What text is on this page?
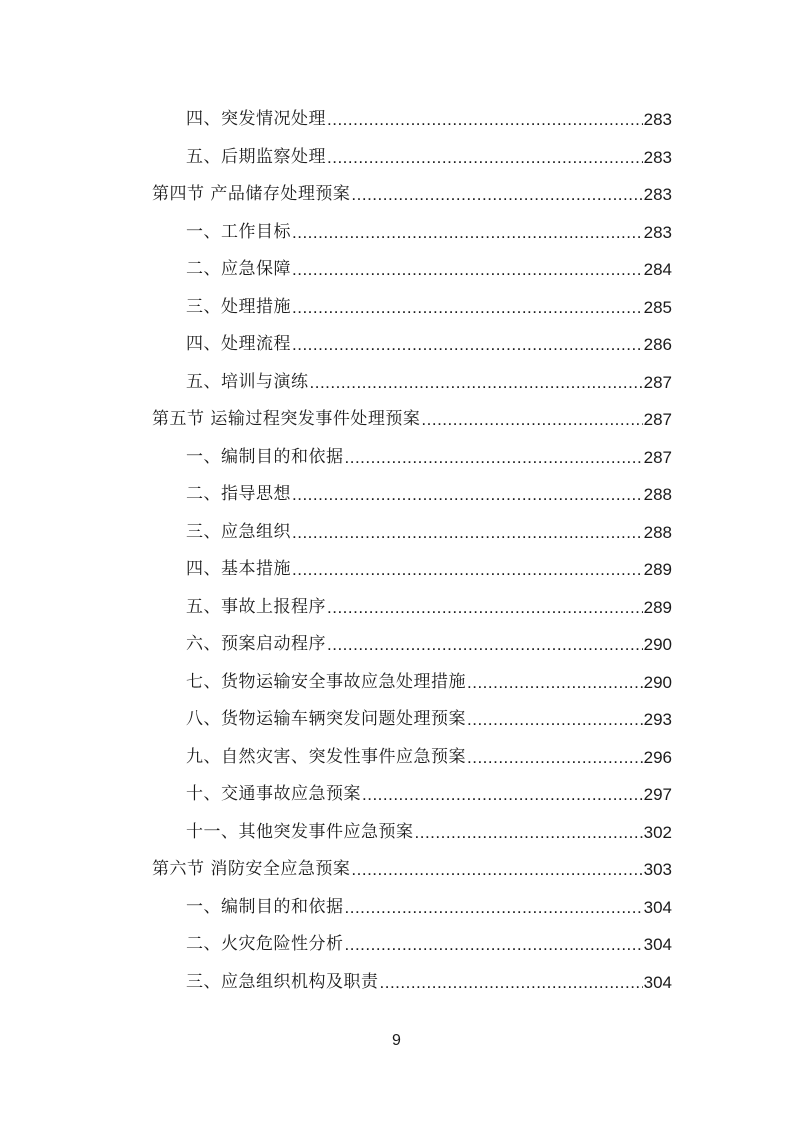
四、突发情况处理 .....	283
五、后期监察处理 .....	283
第四节 产品储存处理预案 .....	283
一、工作目标 .....	283
二、应急保障 .....	284
三、处理措施 .....	285
四、处理流程 .....	286
五、培训与演练 .....	287
第五节 运输过程突发事件处理预案 .....	287
一、编制目的和依据 .....	287
二、指导思想 .....	288
三、应急组织 .....	288
四、基本措施 .....	289
五、事故上报程序 .....	289
六、预案启动程序 .....	290
七、货物运输安全事故应急处理措施 .....	290
八、货物运输车辆突发问题处理预案 .....	293
九、自然灾害、突发性事件应急预案 .....	296
十、交通事故应急预案 .....	297
十一、其他突发事件应急预案 .....	302
第六节 消防安全应急预案 .....	303
一、编制目的和依据 .....	304
二、火灾危险性分析 .....	304
三、应急组织机构及职责 .....	304
9
